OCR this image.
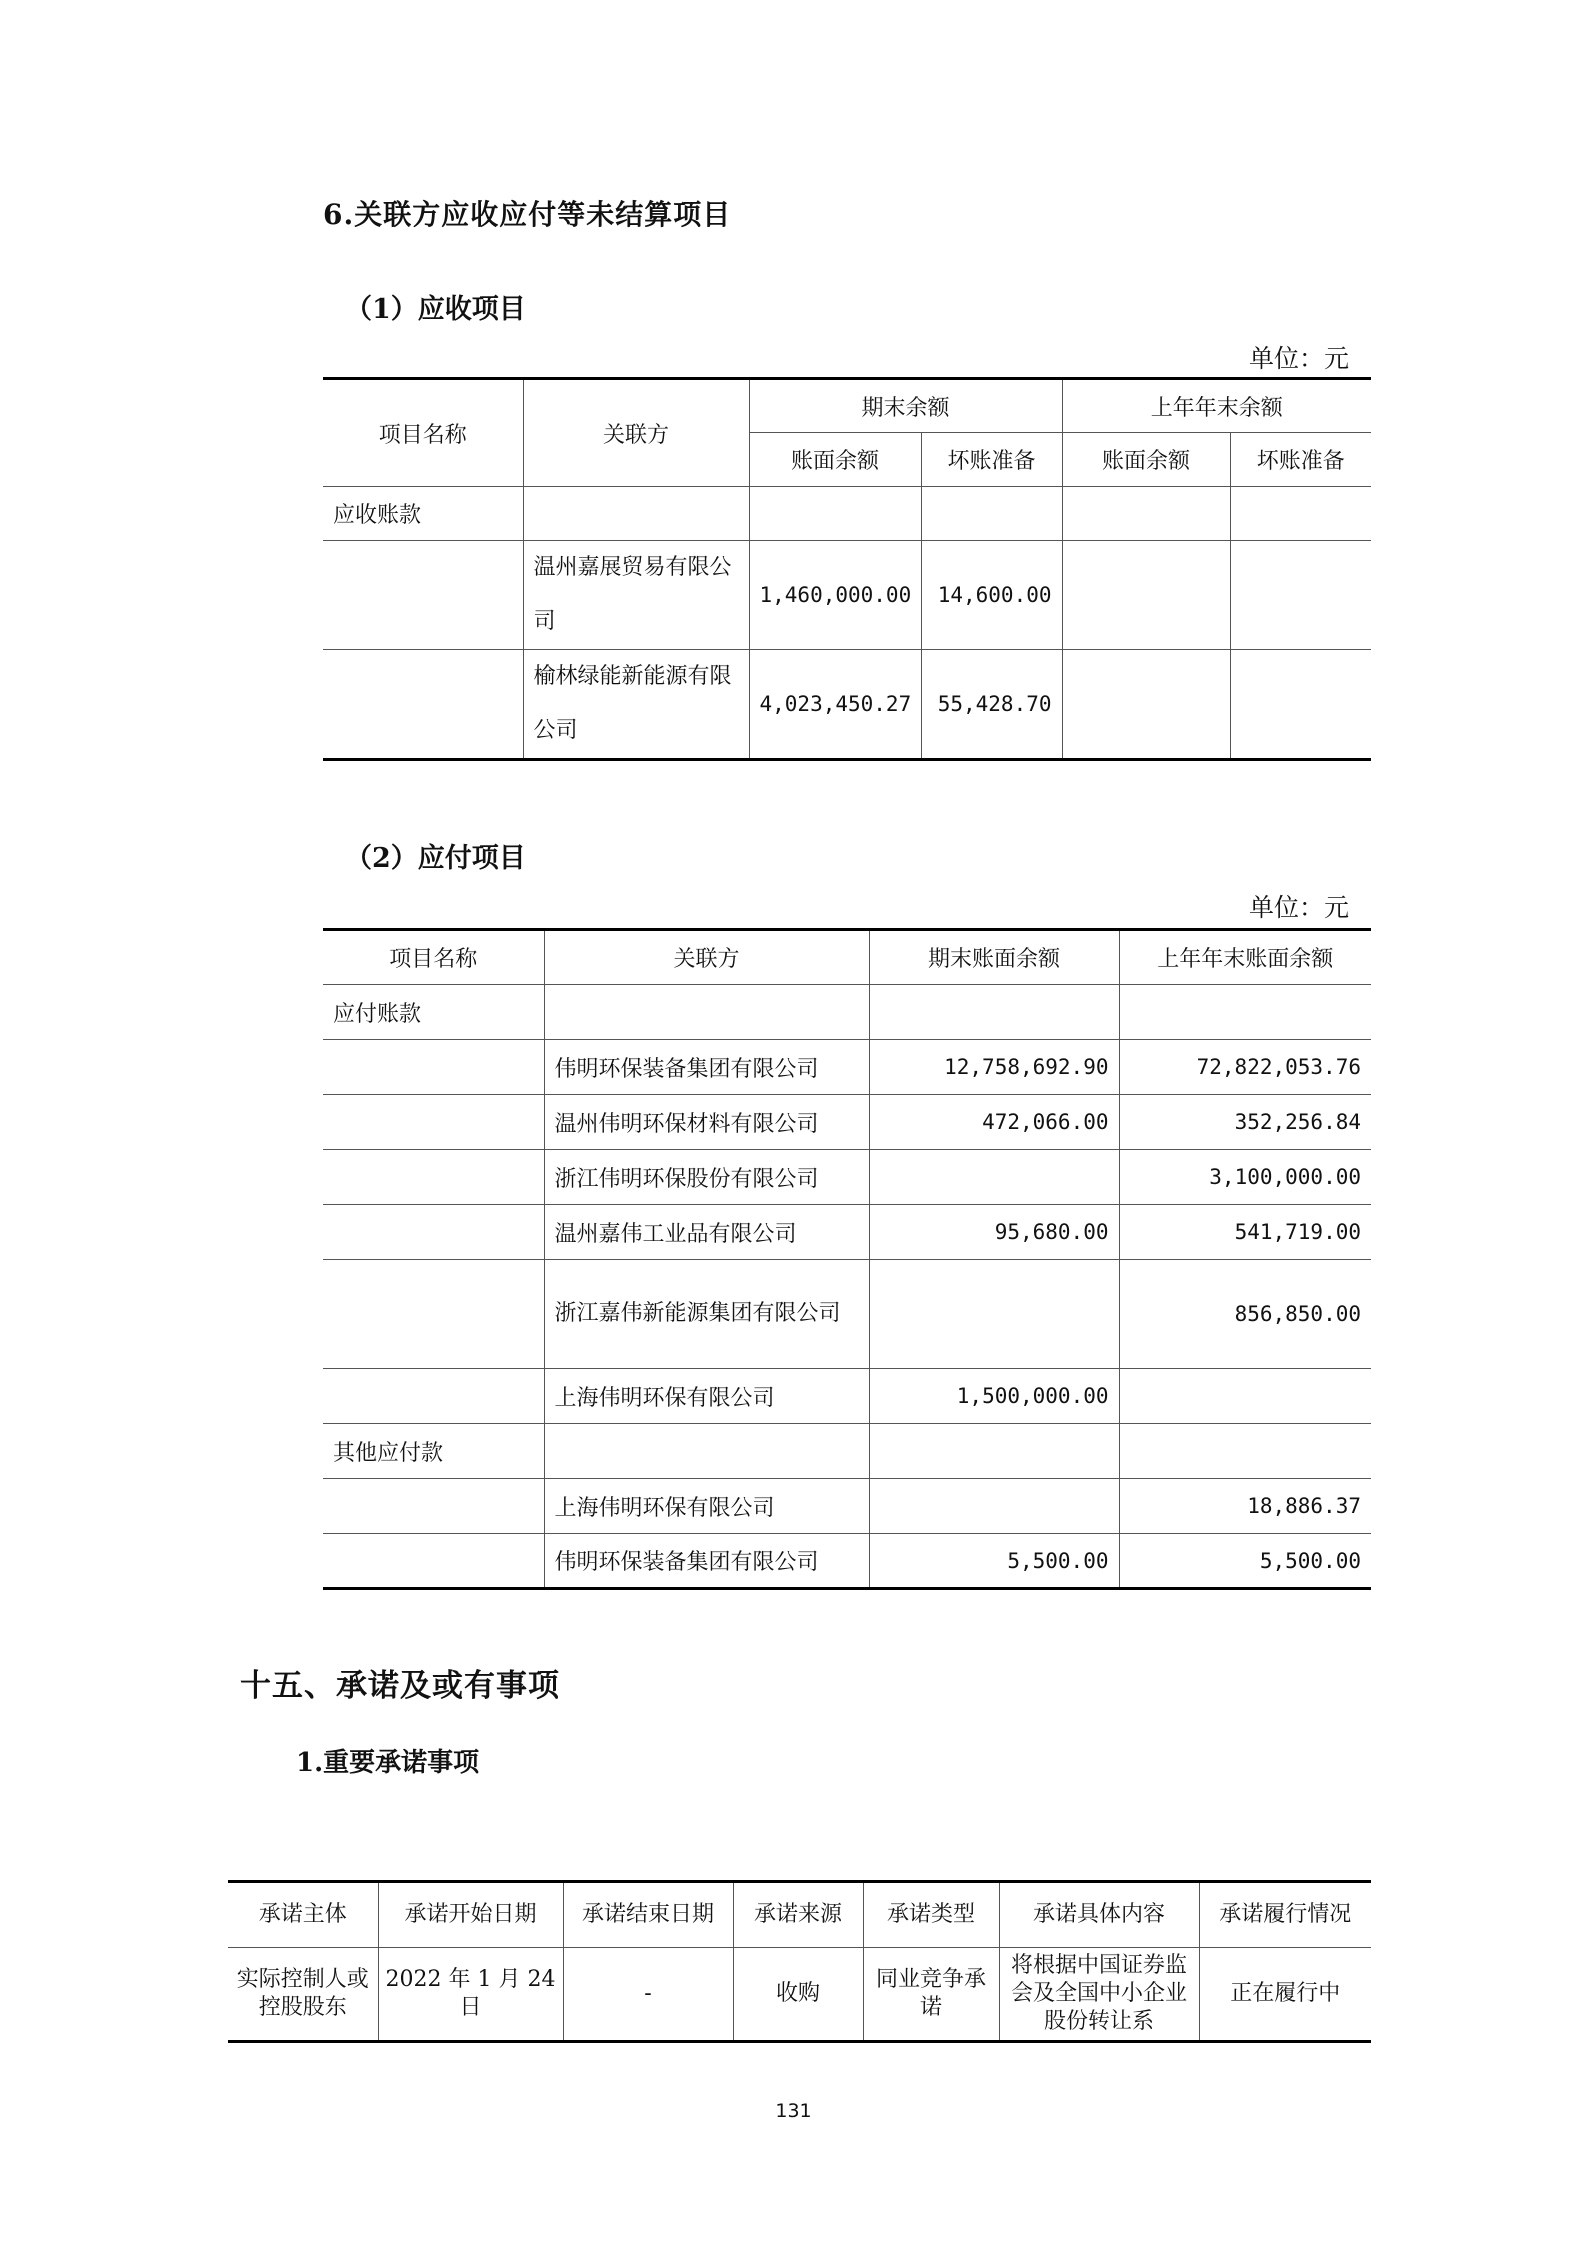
6.关联方应收应付等未结算项目
（1）应收项目
单位：元
项目名称	关联方	期末余额		上年年末余额	
		账面余额	坏账准备	账面余额	坏账准备
应收账款					
	温州嘉展贸易有限公司	1,460,000.00	14,600.00		
	榆林绿能新能源有限公司	4,023,450.27	55,428.70		
（2）应付项目
单位：元
项目名称	关联方	期末账面余额	上年年末账面余额
应付账款			
	伟明环保装备集团有限公司	12,758,692.90	72,822,053.76
	温州伟明环保材料有限公司	472,066.00	352,256.84
	浙江伟明环保股份有限公司		3,100,000.00
	温州嘉伟工业品有限公司	95,680.00	541,719.00
	浙江嘉伟新能源集团有限公司		856,850.00
	上海伟明环保有限公司	1,500,000.00	
其他应付款			
	上海伟明环保有限公司		18,886.37
	伟明环保装备集团有限公司	5,500.00	5,500.00
十五、承诺及或有事项
1.重要承诺事项
承诺主体	承诺开始日期	承诺结束日期	承诺来源	承诺类型	承诺具体内容	承诺履行情况
实际控制人或控股股东	2022 年 1 月 24 日	-	收购	同业竞争承诺	将根据中国证券监会及全国中小企业股份转让系	正在履行中
131
